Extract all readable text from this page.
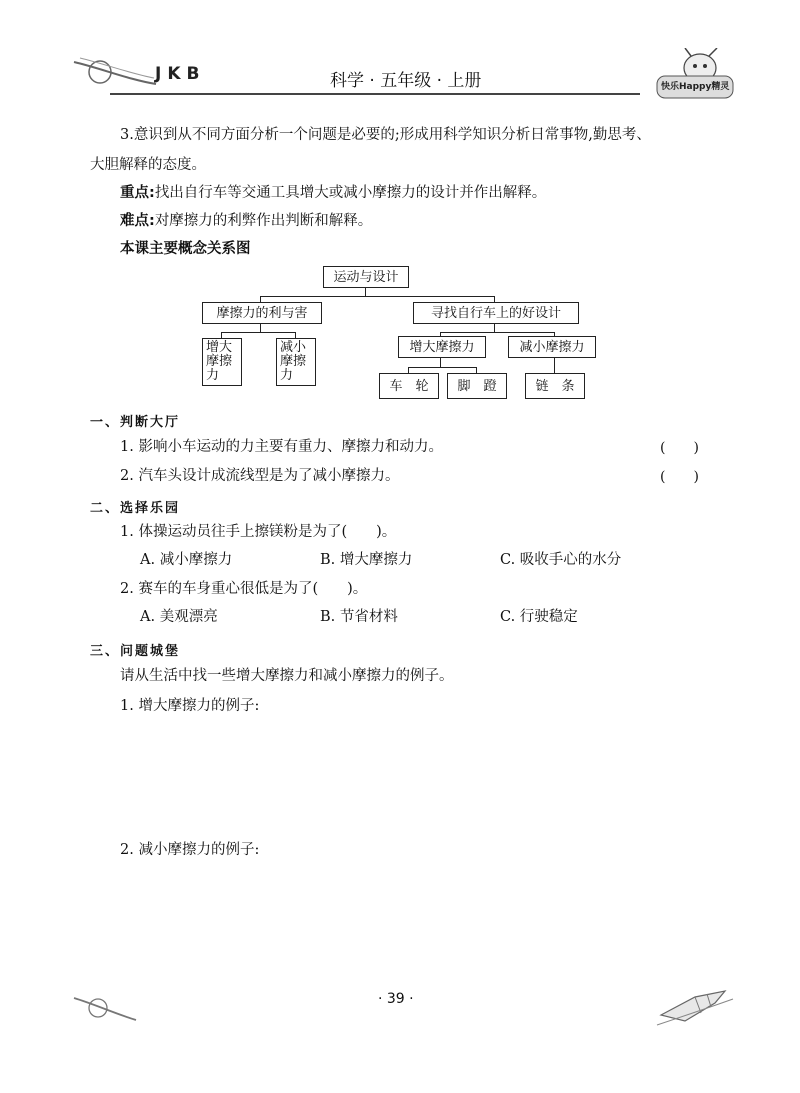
JKB	科学 · 五年级 · 上册	快乐Happy精灵
3.意识到从不同方面分析一个问题是必要的;形成用科学知识分析日常事物,勤思考、
大胆解释的态度。
重点:找出自行车等交通工具增大或减小摩擦力的设计并作出解释。
难点:对摩擦力的利弊作出判断和解释。
本课主要概念关系图
运动与设计
摩擦力的利与害	寻找自行车上的好设计
增大摩擦力
减小摩擦力
增大摩擦力	减小摩擦力
车　轮	脚　蹬	链　条
一、判断大厅
1. 影响小车运动的力主要有重力、摩擦力和动力。	(　　)
2. 汽车头设计成流线型是为了减小摩擦力。	(　　)
二、选择乐园
1. 体操运动员往手上擦镁粉是为了(　　)。
A. 减小摩擦力	B. 增大摩擦力	C. 吸收手心的水分
2. 赛车的车身重心很低是为了(　　)。
A. 美观漂亮	B. 节省材料	C. 行驶稳定
三、问题城堡
请从生活中找一些增大摩擦力和减小摩擦力的例子。
1. 增大摩擦力的例子:
2. 减小摩擦力的例子:
· 39 ·
